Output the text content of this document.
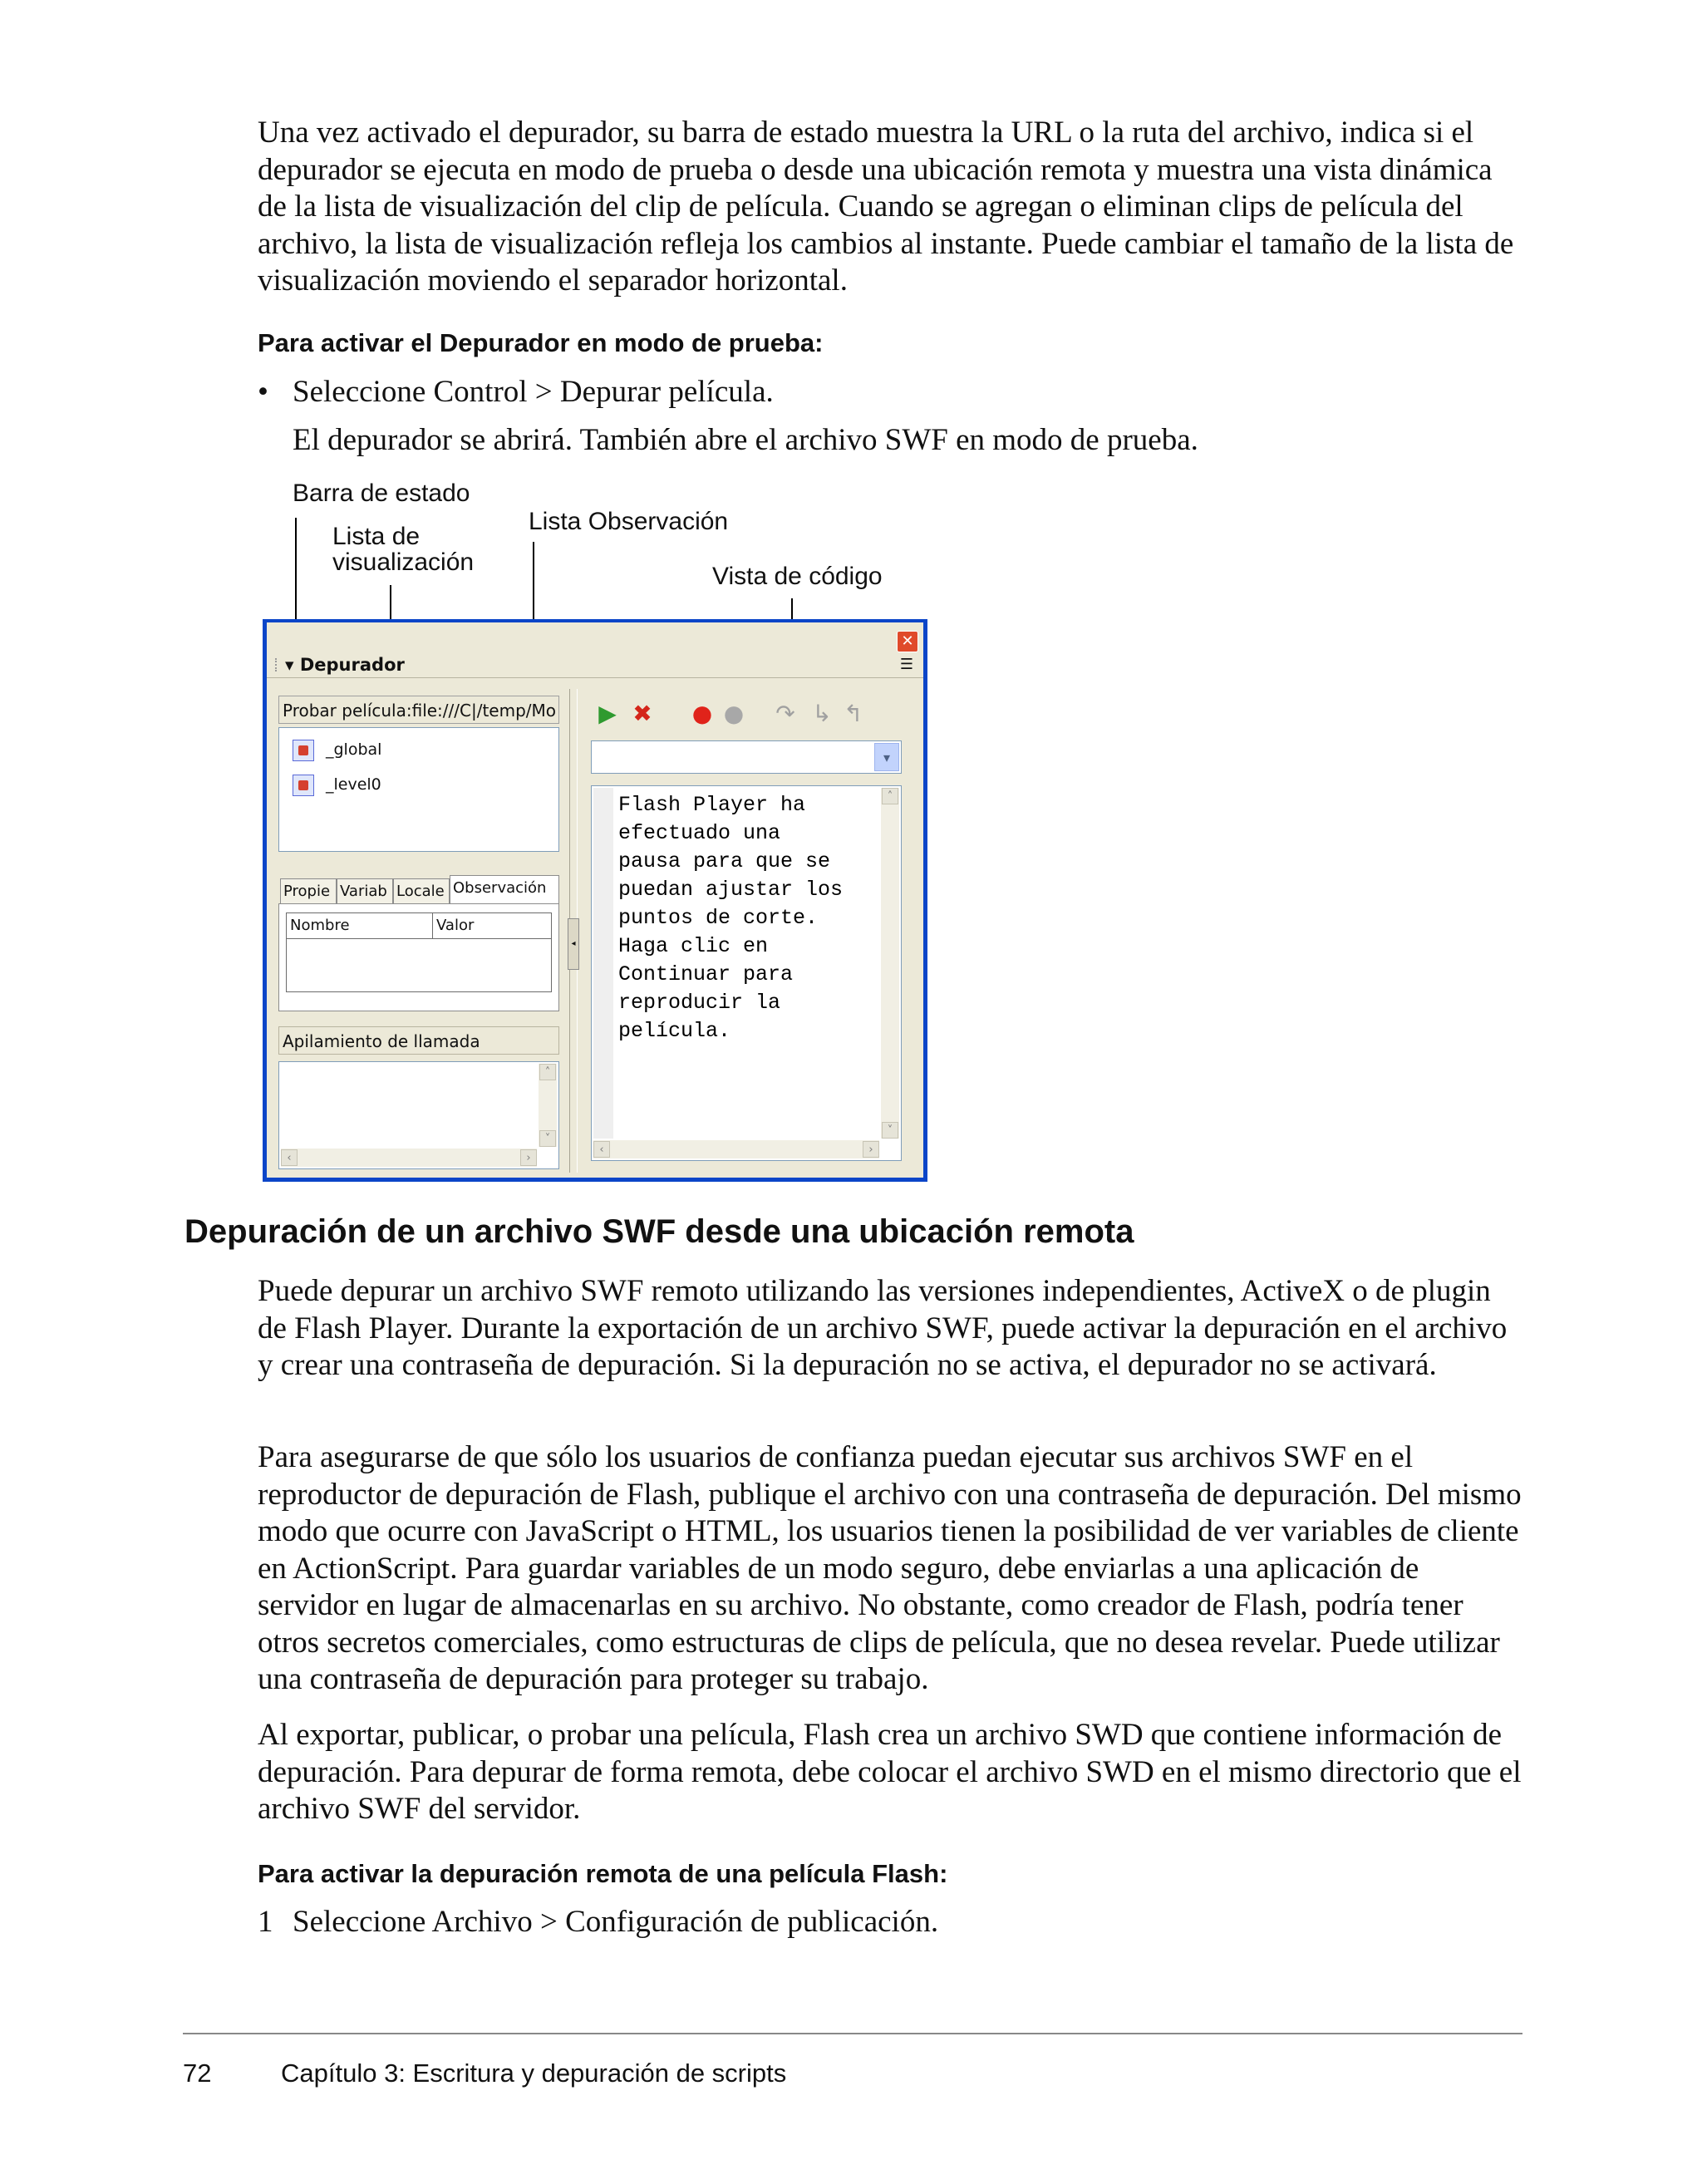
Una vez activado el depurador, su barra de estado muestra la URL o la ruta del archivo, indica si el depurador se ejecuta en modo de prueba o desde una ubicación remota y muestra una vista dinámica de la lista de visualización del clip de película. Cuando se agregan o eliminan clips de película del archivo, la lista de visualización refleja los cambios al instante. Puede cambiar el tamaño de la lista de visualización moviendo el separador horizontal.

Para activar el Depurador en modo de prueba:

• Seleccione Control > Depurar película.
El depurador se abrirá. También abre el archivo SWF en modo de prueba.
Barra de estado
Lista de
visualización
Lista Observación
Vista de código
✕
▾ Depurador	☰
Probar película:file:///C|/temp/Mo
_global
_level0
Propie Variab Locale Observación
Nombre	Valor
Apilamiento de llamada
˄
˅
‹	›
◂
▶ ✖ ● ● ↷ ↳ ↰
▾
Flash Player ha
efectuado una
pausa para que se
puedan ajustar los
puntos de corte.
Haga clic en
Continuar para
reproducir la
película.
˄
˅
‹	›

Depuración de un archivo SWF desde una ubicación remota

Puede depurar un archivo SWF remoto utilizando las versiones independientes, ActiveX o de plugin de Flash Player. Durante la exportación de un archivo SWF, puede activar la depuración en el archivo y crear una contraseña de depuración. Si la depuración no se activa, el depurador no se activará.

Para asegurarse de que sólo los usuarios de confianza puedan ejecutar sus archivos SWF en el reproductor de depuración de Flash, publique el archivo con una contraseña de depuración. Del mismo modo que ocurre con JavaScript o HTML, los usuarios tienen la posibilidad de ver variables de cliente en ActionScript. Para guardar variables de un modo seguro, debe enviarlas a una aplicación de servidor en lugar de almacenarlas en su archivo. No obstante, como creador de Flash, podría tener otros secretos comerciales, como estructuras de clips de película, que no desea revelar. Puede utilizar una contraseña de depuración para proteger su trabajo.

Al exportar, publicar, o probar una película, Flash crea un archivo SWD que contiene información de depuración. Para depurar de forma remota, debe colocar el archivo SWD en el mismo directorio que el archivo SWF del servidor.

Para activar la depuración remota de una película Flash:

1 Seleccione Archivo > Configuración de publicación.
72	Capítulo 3: Escritura y depuración de scripts
